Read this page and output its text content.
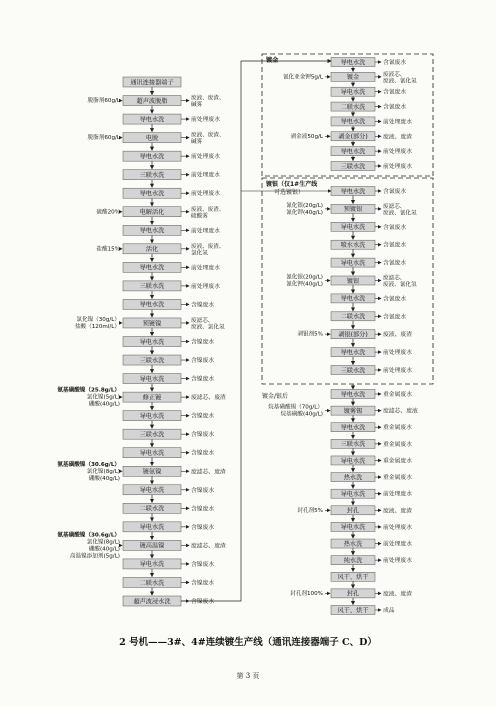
通讯连接器端子
超声波脱脂	废液、废渣、
碱雾
脱脂剂60g/L
导电水洗	前处理废水
电脱	废液、废渣、
碱雾
脱脂剂60g/L
导电水洗	前处理废水
三联水洗	前处理废水
导电水洗	前处理废水
电解活化	废液、废渣、
硫酸雾
硫酸20%
导电水洗	前处理废水
活化	废液、废渣、
氯化氢
盐酸15%
导电水洗	前处理废水
三联水洗	前处理废水
导电水洗	含镍废水
预镀镍	废滤芯、
废液、氯化氢
氯化镍（30g/L）
盐酸（120ml/L）
导电水洗	含镍废水
三联水洗	含镍废水
导电水洗	含镍废水
修正镀	废滤芯、废渣
氨基磺酸镍（25.8g/L）
氯化镍(5g/L)
硼酸(40g/L)
导电水洗	含镍废水
三联水洗	含镍废水
导电水洗	含镍废水
镀氨镍	废滤芯、废渣
氨基磺酸镍（30.6g/L）
氯化镍(8g/L)
硼酸(40g/L)
导电水洗	含镍废水
二联水洗	含镍废水
导电水洗	含镍废水
镀高温镍	废滤芯、废渣
氨基磺酸镍（30.6g/L）
氯化镍(8g/L)
硼酸(40g/L)
高温镍添加剂(5g/L)
导电水洗	含镍废水
二联水洗	含镍废水
超声波浸水洗	含镍废水
镀金	导电水洗	含氰废水
镀金	废液芯、
废液、氰化氢
氰化亚金钾5g/L
导电水洗	含氰废水
二联水洗	含氰废水
导电水洗	前处理废水
剥金(部分)	废液、废渣
剥金液50g/L
导电水洗	前处理废水
三联水洗	前处理废水
镀银（仅1#生产线
可选镀银）	导电水洗	含氰废水
预镀银	废滤芯、
废液、氰化氢
氰化银(20g/L)
氰化钾(40g/L)
导电水洗	含氰废水
喷水水洗	含氰废水
导电水洗	含氰废水
镀银	废滤芯、
废液、氰化氢
氰化银(20g/L)
氰化钾(40g/L)
导电水洗	含氰废水
二联水洗	含氰废水
剥银(部分)	废液、废渣
剥银剂5%
导电水洗	前处理废水
三联水洗	前处理废水
镀金/银后	导电水洗	重金属废水
镀雾锡	废滤芯、废液
烷基磺酸锡（70g/L）
烷基磺酸(40g/L)
导电水洗	重金属废水
三联水洗	重金属废水
导电水洗	重金属废水
热水洗	重金属废水
导电水洗	前处理废水
封孔	废液、废渣
封孔剂5%
导电水洗	前处理废水
热水洗	前处理废水
纯水洗	前处理废水
风干、烘干
封孔	废液、废渣
封孔剂100%
风干、烘干	成品
2 号机——3#、4#连续镀生产线（通讯连接器端子 C、D）
第 3 页
